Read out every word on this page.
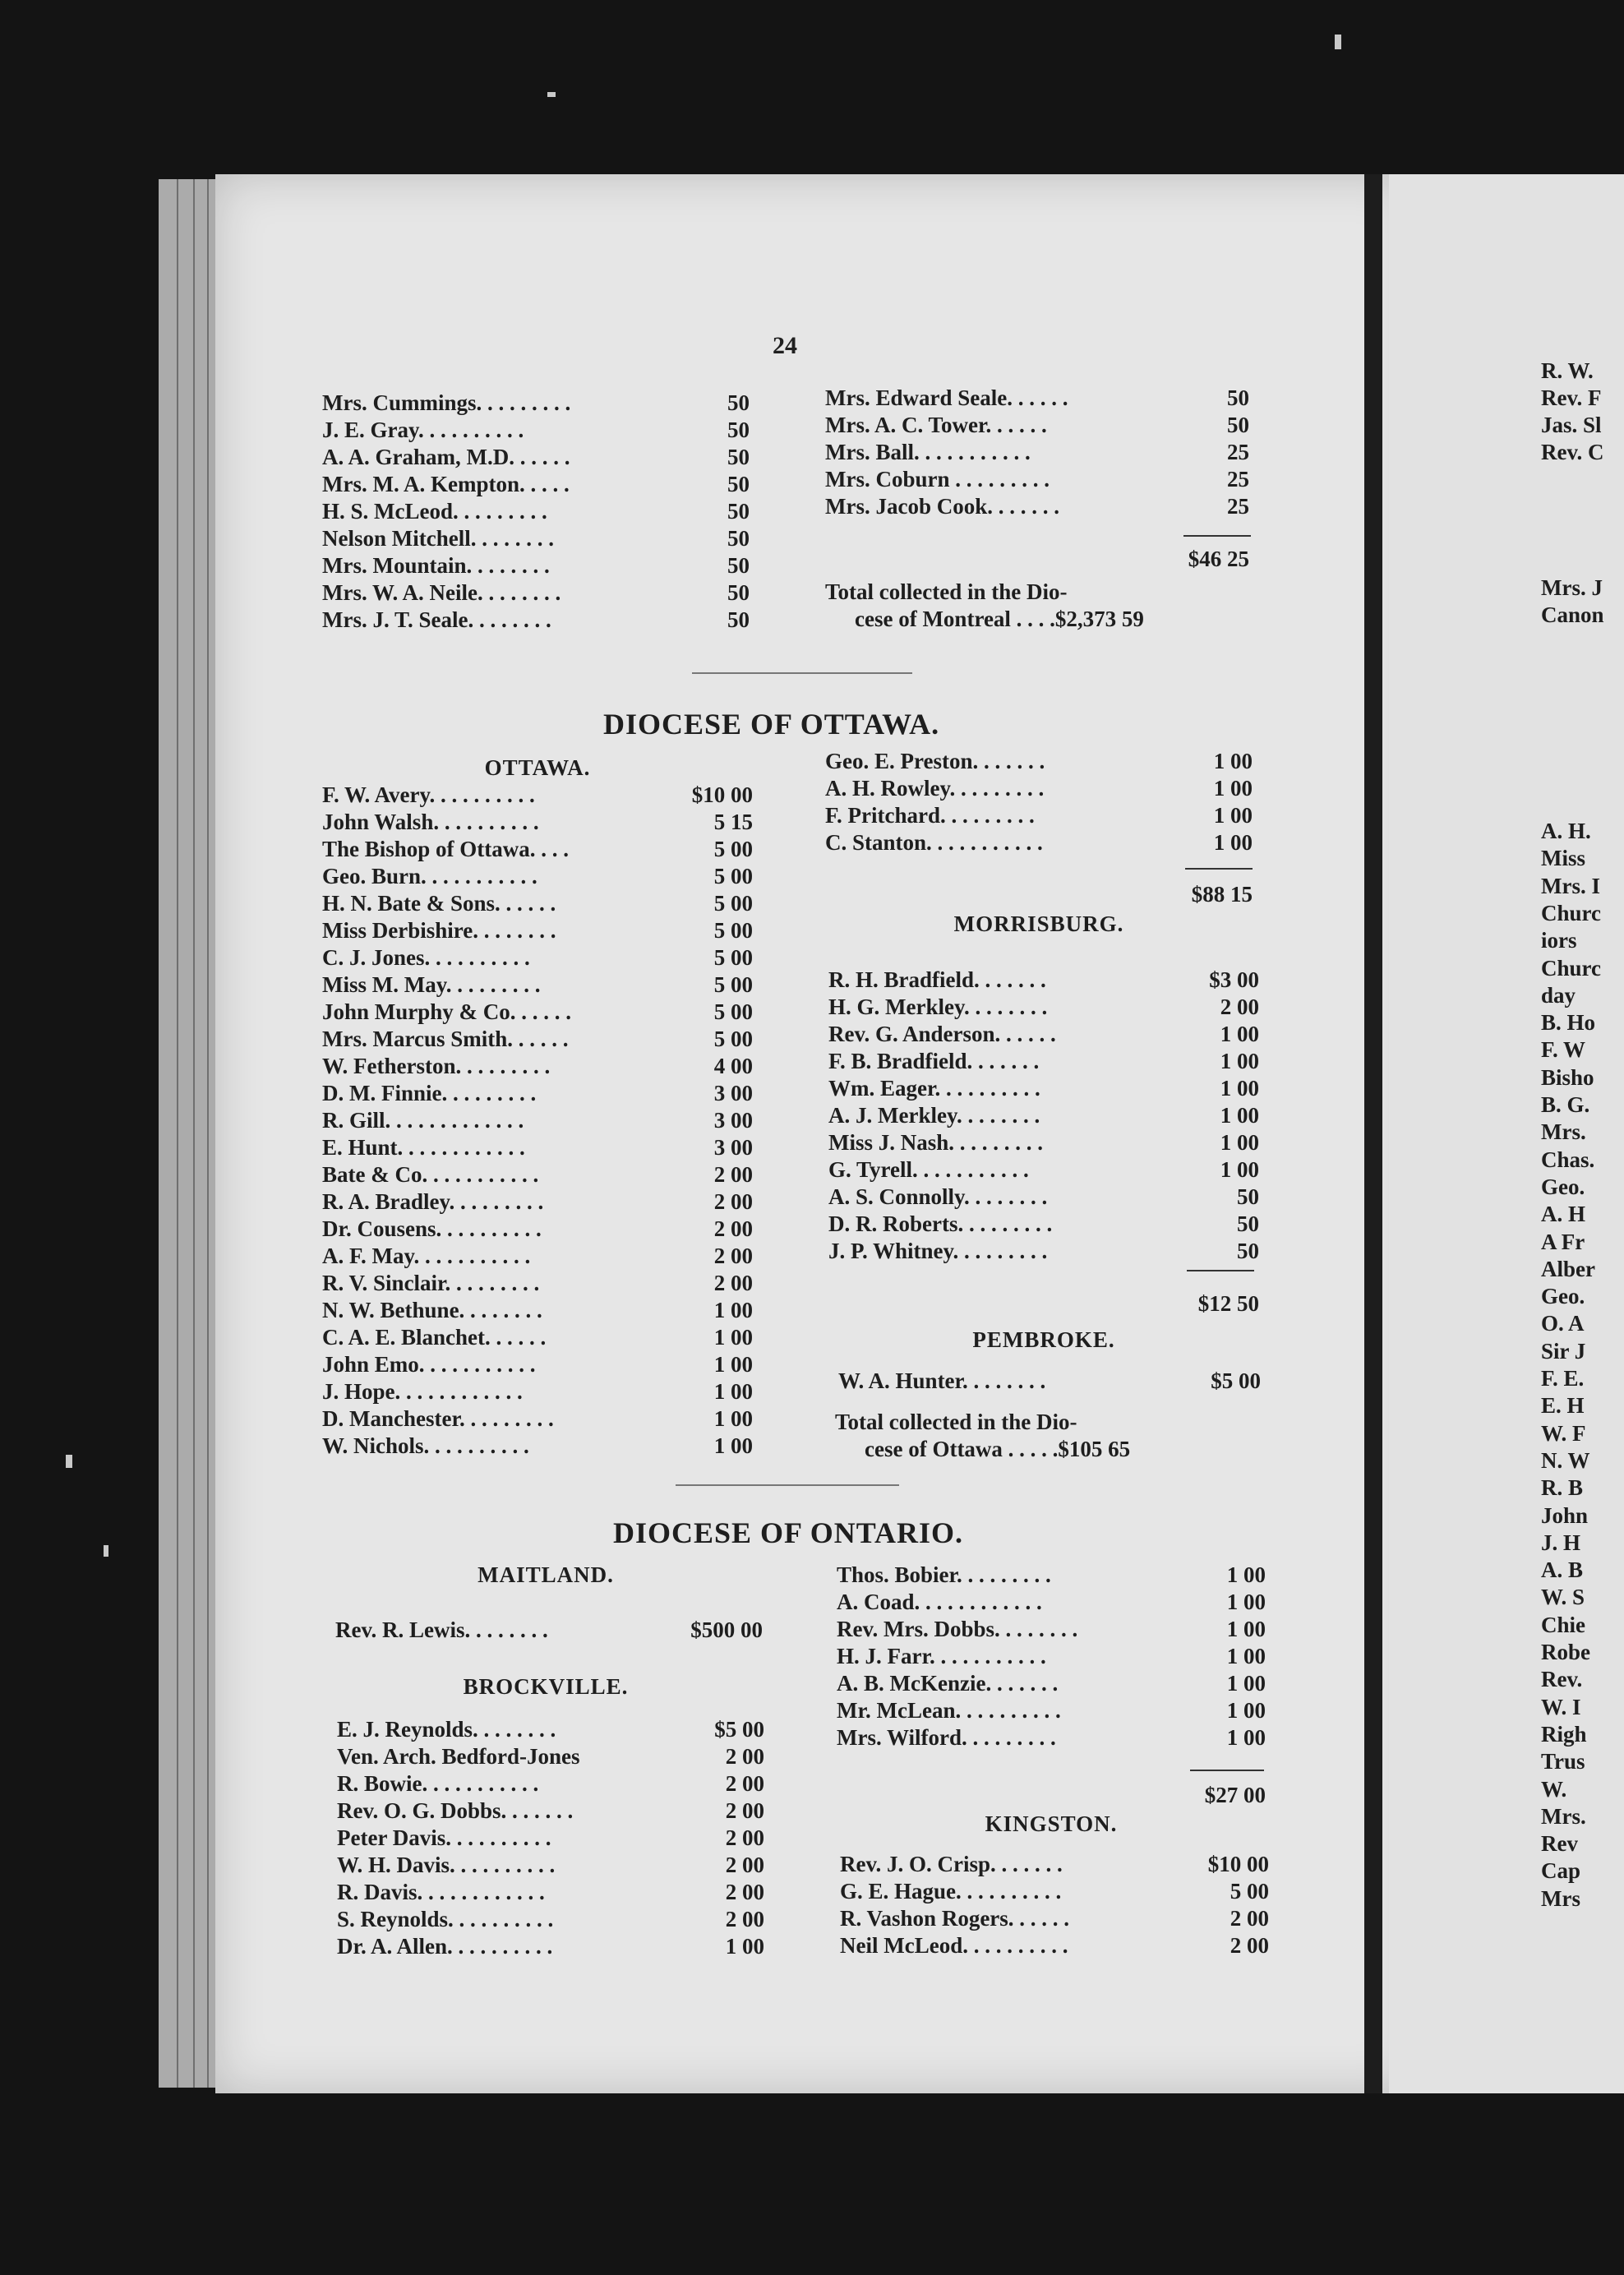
24
Mrs. Cummings. . . . . . . . .	50
J. E. Gray. . . . . . . . . .	50
A. A. Graham, M.D. . . . . .	50
Mrs. M. A. Kempton. . . . .	50
H. S. McLeod. . . . . . . . .	50
Nelson Mitchell. . . . . . . .	50
Mrs. Mountain. . . . . . . .	50
Mrs. W. A. Neile. . . . . . . .	50
Mrs. J. T. Seale. . . . . . . .	50
Mrs. Edward Seale. . . . . .	50
Mrs. A. C. Tower. . . . . .	50
Mrs. Ball. . . . . . . . . . .	25
Mrs. Coburn . . . . . . . . .	25
Mrs. Jacob Cook. . . . . . .	25
$46 25
Total collected in the Dio-
cese of Montreal . . . .$2,373 59
DIOCESE OF OTTAWA.
OTTAWA.
F. W. Avery. . . . . . . . . .	$10 00
John Walsh. . . . . . . . . .	5 15
The Bishop of Ottawa. . . .	5 00
Geo. Burn. . . . . . . . . . .	5 00
H. N. Bate & Sons. . . . . .	5 00
Miss Derbishire. . . . . . . .	5 00
C. J. Jones. . . . . . . . . .	5 00
Miss M. May. . . . . . . . .	5 00
John Murphy & Co. . . . . .	5 00
Mrs. Marcus Smith. . . . . .	5 00
W. Fetherston. . . . . . . . .	4 00
D. M. Finnie. . . . . . . . .	3 00
R. Gill. . . . . . . . . . . . .	3 00
E. Hunt. . . . . . . . . . . .	3 00
Bate & Co. . . . . . . . . . .	2 00
R. A. Bradley. . . . . . . . .	2 00
Dr. Cousens. . . . . . . . . .	2 00
A. F. May. . . . . . . . . . .	2 00
R. V. Sinclair. . . . . . . . .	2 00
N. W. Bethune. . . . . . . .	1 00
C. A. E. Blanchet. . . . . .	1 00
John Emo. . . . . . . . . . .	1 00
J. Hope. . . . . . . . . . . .	1 00
D. Manchester. . . . . . . . .	1 00
W. Nichols. . . . . . . . . .	1 00
Geo. E. Preston. . . . . . .	1 00
A. H. Rowley. . . . . . . . .	1 00
F. Pritchard. . . . . . . . .	1 00
C. Stanton. . . . . . . . . . .	1 00
$88 15
MORRISBURG.
R. H. Bradfield. . . . . . .	$3 00
H. G. Merkley. . . . . . . .	2 00
Rev. G. Anderson. . . . . .	1 00
F. B. Bradfield. . . . . . .	1 00
Wm. Eager. . . . . . . . . .	1 00
A. J. Merkley. . . . . . . .	1 00
Miss J. Nash. . . . . . . . .	1 00
G. Tyrell. . . . . . . . . . .	1 00
A. S. Connolly. . . . . . . .	50
D. R. Roberts. . . . . . . . .	50
J. P. Whitney. . . . . . . . .	50
$12 50
PEMBROKE.
W. A. Hunter. . . . . . . .	$5 00
Total collected in the Dio-
cese of Ottawa . . . . .$105 65
DIOCESE OF ONTARIO.
MAITLAND.
Rev. R. Lewis. . . . . . . .	$500 00
BROCKVILLE.
E. J. Reynolds. . . . . . . .	$5 00
Ven. Arch. Bedford-Jones	2 00
R. Bowie. . . . . . . . . . .	2 00
Rev. O. G. Dobbs. . . . . . .	2 00
Peter Davis. . . . . . . . . .	2 00
W. H. Davis. . . . . . . . . .	2 00
R. Davis. . . . . . . . . . . .	2 00
S. Reynolds. . . . . . . . . .	2 00
Dr. A. Allen. . . . . . . . . .	1 00
Thos. Bobier. . . . . . . . .	1 00
A. Coad. . . . . . . . . . . .	1 00
Rev. Mrs. Dobbs. . . . . . . .	1 00
H. J. Farr. . . . . . . . . . .	1 00
A. B. McKenzie. . . . . . .	1 00
Mr. McLean. . . . . . . . . .	1 00
Mrs. Wilford. . . . . . . . .	1 00
$27 00
KINGSTON.
Rev. J. O. Crisp. . . . . . .	$10 00
G. E. Hague. . . . . . . . . .	5 00
R. Vashon Rogers. . . . . .	2 00
Neil McLeod. . . . . . . . . .	2 00
R. W.
Rev. F
Jas. Sl
Rev. C
Mrs. J
Canon
A. H.
Miss
Mrs. I
Churc
iors
Churc
day
B. Ho
F. W
Bisho
B. G.
Mrs.
Chas.
Geo.
A. H
A Fr
Alber
Geo.
O. A
Sir J
F. E.
E. H
W. F
N. W
R. B
John
J. H
A. B
W. S
Chie
Robe
Rev.
W. I
Righ
Trus
W.
Mrs.
Rev
Cap
Mrs
